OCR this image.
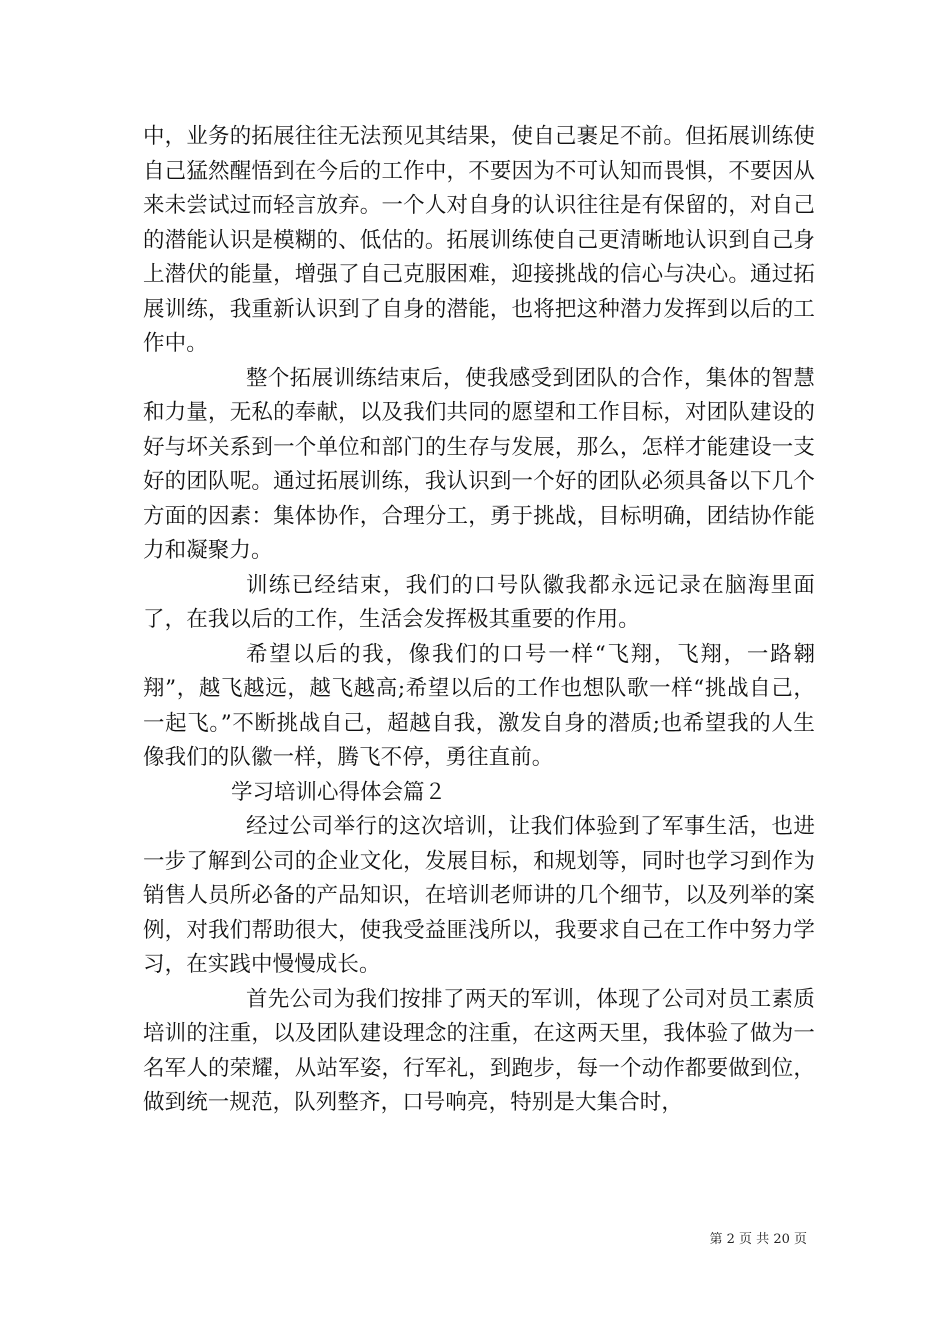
中，业务的拓展往往无法预见其结果，使自己裹足不前。但拓展训练使自己猛然醒悟到在今后的工作中，不要因为不可认知而畏惧，不要因从来未尝试过而轻言放弃。一个人对自身的认识往往是有保留的，对自己的潜能认识是模糊的、低估的。拓展训练使自己更清晰地认识到自己身上潜伏的能量，增强了自己克服困难，迎接挑战的信心与决心。通过拓展训练，我重新认识到了自身的潜能，也将把这种潜力发挥到以后的工作中。

整个拓展训练结束后，使我感受到团队的合作，集体的智慧和力量，无私的奉献，以及我们共同的愿望和工作目标，对团队建设的好与坏关系到一个单位和部门的生存与发展，那么，怎样才能建设一支好的团队呢。通过拓展训练，我认识到一个好的团队必须具备以下几个方面的因素：集体协作，合理分工，勇于挑战，目标明确，团结协作能力和凝聚力。

训练已经结束，我们的口号队徽我都永远记录在脑海里面了，在我以后的工作，生活会发挥极其重要的作用。

希望以后的我，像我们的口号一样“飞翔，飞翔，一路翱翔”，越飞越远，越飞越高;希望以后的工作也想队歌一样“挑战自己，一起飞。”不断挑战自己，超越自我，激发自身的潜质;也希望我的人生像我们的队徽一样，腾飞不停，勇往直前。

学习培训心得体会篇２

经过公司举行的这次培训，让我们体验到了军事生活，也进一步了解到公司的企业文化，发展目标，和规划等，同时也学习到作为销售人员所必备的产品知识，在培训老师讲的几个细节，以及列举的案例，对我们帮助很大，使我受益匪浅所以，我要求自己在工作中努力学习，在实践中慢慢成长。

首先公司为我们按排了两天的军训，体现了公司对员工素质培训的注重，以及团队建设理念的注重，在这两天里，我体验了做为一名军人的荣耀，从站军姿，行军礼，到跑步，每一个动作都要做到位，做到统一规范，队列整齐，口号响亮，特别是大集合时，

第 2 页 共 20 页
